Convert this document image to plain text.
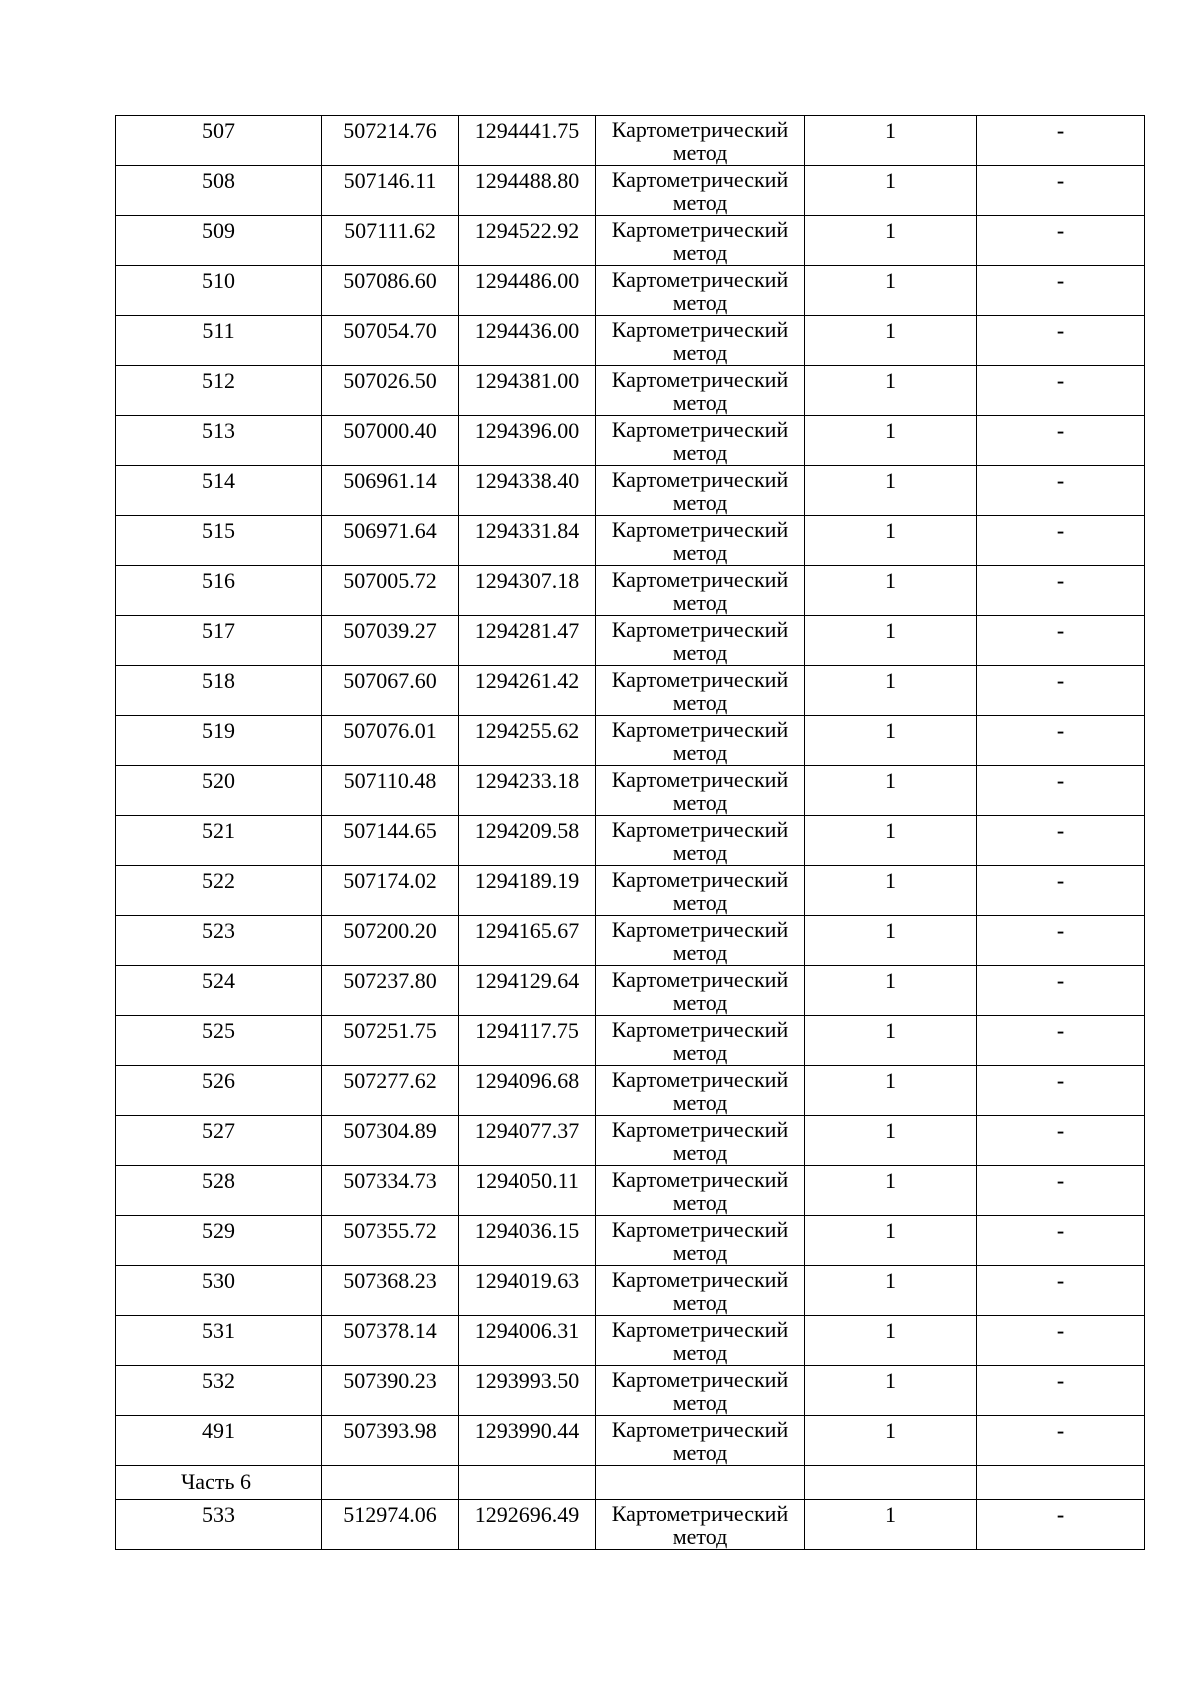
507	507214.76	1294441.75	Картометрический
метод	1	-

508	507146.11	1294488.80	Картометрический
метод	1	-

509	507111.62	1294522.92	Картометрический
метод	1	-

510	507086.60	1294486.00	Картометрический
метод	1	-

511	507054.70	1294436.00	Картометрический
метод	1	-

512	507026.50	1294381.00	Картометрический
метод	1	-

513	507000.40	1294396.00	Картометрический
метод	1	-

514	506961.14	1294338.40	Картометрический
метод	1	-

515	506971.64	1294331.84	Картометрический
метод	1	-

516	507005.72	1294307.18	Картометрический
метод	1	-

517	507039.27	1294281.47	Картометрический
метод	1	-

518	507067.60	1294261.42	Картометрический
метод	1	-

519	507076.01	1294255.62	Картометрический
метод	1	-

520	507110.48	1294233.18	Картометрический
метод	1	-

521	507144.65	1294209.58	Картометрический
метод	1	-

522	507174.02	1294189.19	Картометрический
метод	1	-

523	507200.20	1294165.67	Картометрический
метод	1	-

524	507237.80	1294129.64	Картометрический
метод	1	-

525	507251.75	1294117.75	Картометрический
метод	1	-

526	507277.62	1294096.68	Картометрический
метод	1	-

527	507304.89	1294077.37	Картометрический
метод	1	-

528	507334.73	1294050.11	Картометрический
метод	1	-

529	507355.72	1294036.15	Картометрический
метод	1	-

530	507368.23	1294019.63	Картометрический
метод	1	-

531	507378.14	1294006.31	Картометрический
метод	1	-

532	507390.23	1293993.50	Картометрический
метод	1	-

491	507393.98	1293990.44	Картометрический
метод	1	-

Часть 6					

533	512974.06	1292696.49	Картометрический
метод	1	-
